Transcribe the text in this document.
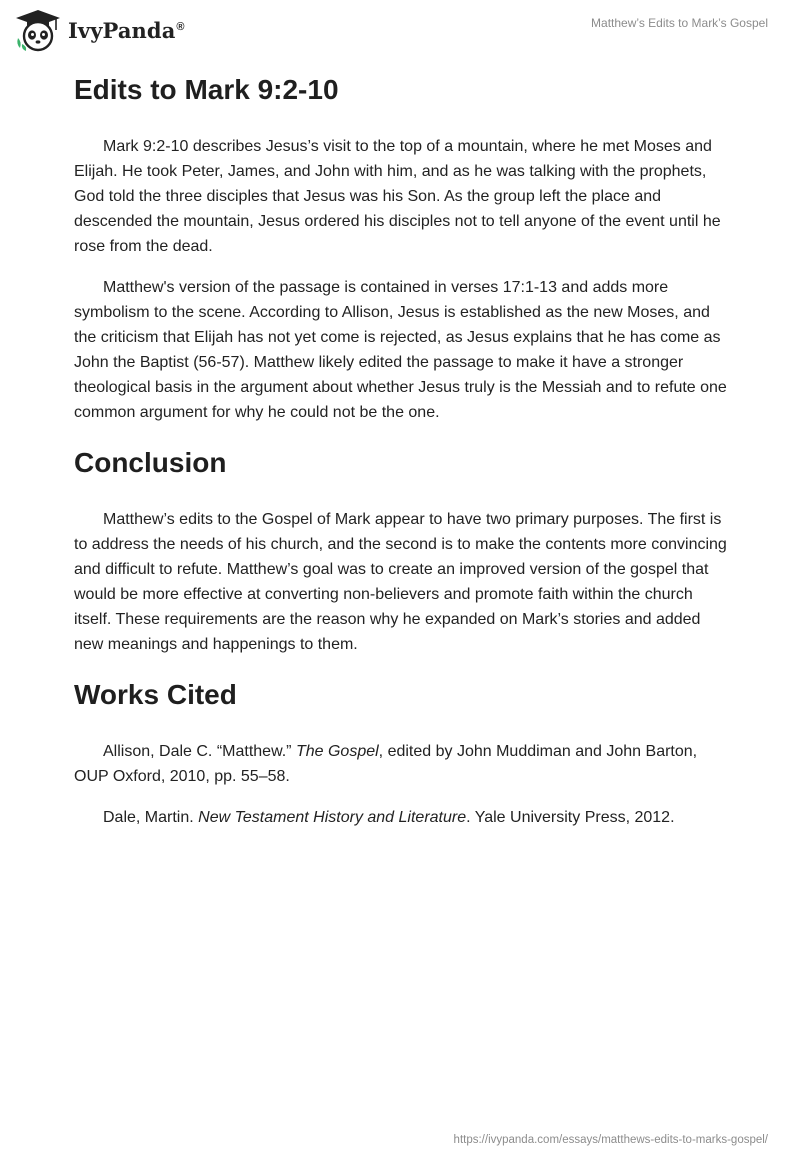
IvyPanda®	Matthew’s Edits to Mark’s Gospel
Edits to Mark 9:2-10

Mark 9:2-10 describes Jesus’s visit to the top of a mountain, where he met Moses and Elijah. He took Peter, James, and John with him, and as he was talking with the prophets, God told the three disciples that Jesus was his Son. As the group left the place and descended the mountain, Jesus ordered his disciples not to tell anyone of the event until he rose from the dead.

Matthew's version of the passage is contained in verses 17:1-13 and adds more symbolism to the scene. According to Allison, Jesus is established as the new Moses, and the criticism that Elijah has not yet come is rejected, as Jesus explains that he has come as John the Baptist (56-57). Matthew likely edited the passage to make it have a stronger theological basis in the argument about whether Jesus truly is the Messiah and to refute one common argument for why he could not be the one.

Conclusion

Matthew’s edits to the Gospel of Mark appear to have two primary purposes. The first is to address the needs of his church, and the second is to make the contents more convincing and difficult to refute. Matthew’s goal was to create an improved version of the gospel that would be more effective at converting non-believers and promote faith within the church itself. These requirements are the reason why he expanded on Mark’s stories and added new meanings and happenings to them.

Works Cited

Allison, Dale C. “Matthew.” The Gospel, edited by John Muddiman and John Barton, OUP Oxford, 2010, pp. 55–58.

Dale, Martin. New Testament History and Literature. Yale University Press, 2012.

https://ivypanda.com/essays/matthews-edits-to-marks-gospel/
